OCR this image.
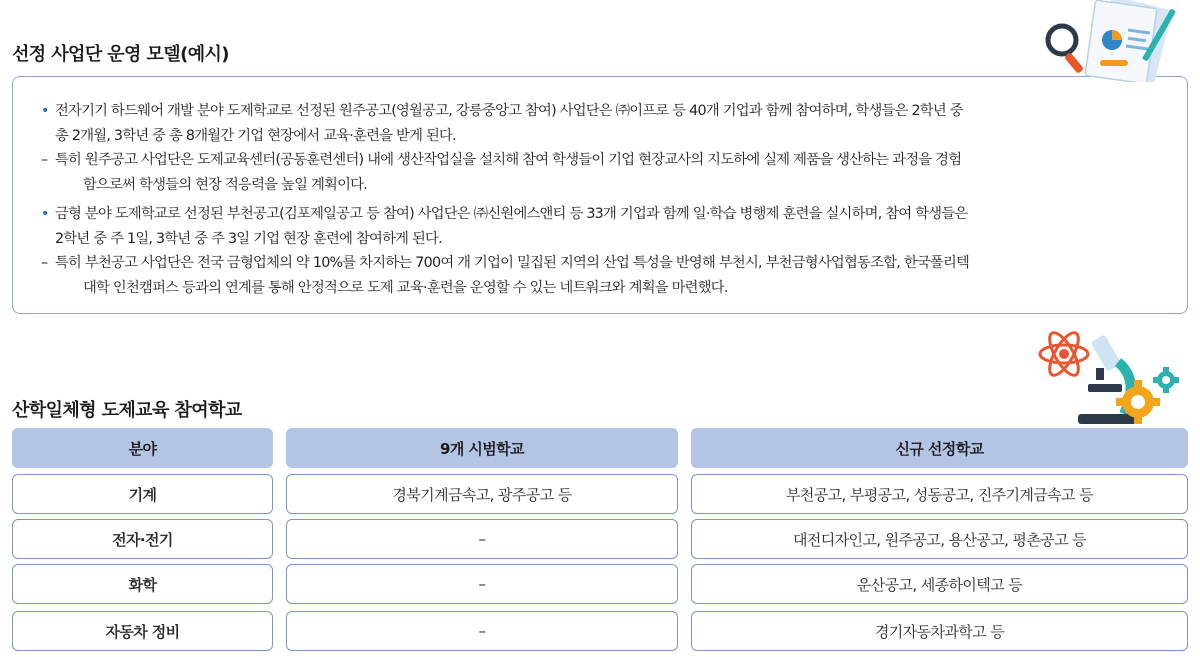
선정 사업단 운영 모델(예시)
• 전자기기 하드웨어 개발 분야 도제학교로 선정된 원주공고(영월공고, 강릉중앙고 참여) 사업단은 ㈜이프로 등 40개 기업과 함께 참여하며, 학생들은 2학년 중
총 2개월, 3학년 중 총 8개월간 기업 현장에서 교육·훈련을 받게 된다.
– 특히 원주공고 사업단은 도제교육센터(공동훈련센터) 내에 생산작업실을 설치해 참여 학생들이 기업 현장교사의 지도하에 실제 제품을 생산하는 과정을 경험
함으로써 학생들의 현장 적응력을 높일 계획이다.
• 금형 분야 도제학교로 선정된 부천공고(김포제일공고 등 참여) 사업단은 ㈜신원에스앤티 등 33개 기업과 함께 일·학습 병행제 훈련을 실시하며, 참여 학생들은
2학년 중 주 1일, 3학년 중 주 3일 기업 현장 훈련에 참여하게 된다.
– 특히 부천공고 사업단은 전국 금형업체의 약 10%를 차지하는 700여 개 기업이 밀집된 지역의 산업 특성을 반영해 부천시, 부천금형사업협동조합, 한국폴리텍
대학 인천캠퍼스 등과의 연계를 통해 안정적으로 도제 교육·훈련을 운영할 수 있는 네트워크와 계획을 마련했다.
산학일체형 도제교육 참여학교
분야	9개 시범학교	신규 선정학교
기계	경북기계금속고, 광주공고 등	부천공고, 부평공고, 성동공고, 진주기계금속고 등
전자·전기	–	대전디자인고, 원주공고, 용산공고, 평촌공고 등
화학	–	운산공고, 세종하이텍고 등
자동차 정비	–	경기자동차과학고 등
